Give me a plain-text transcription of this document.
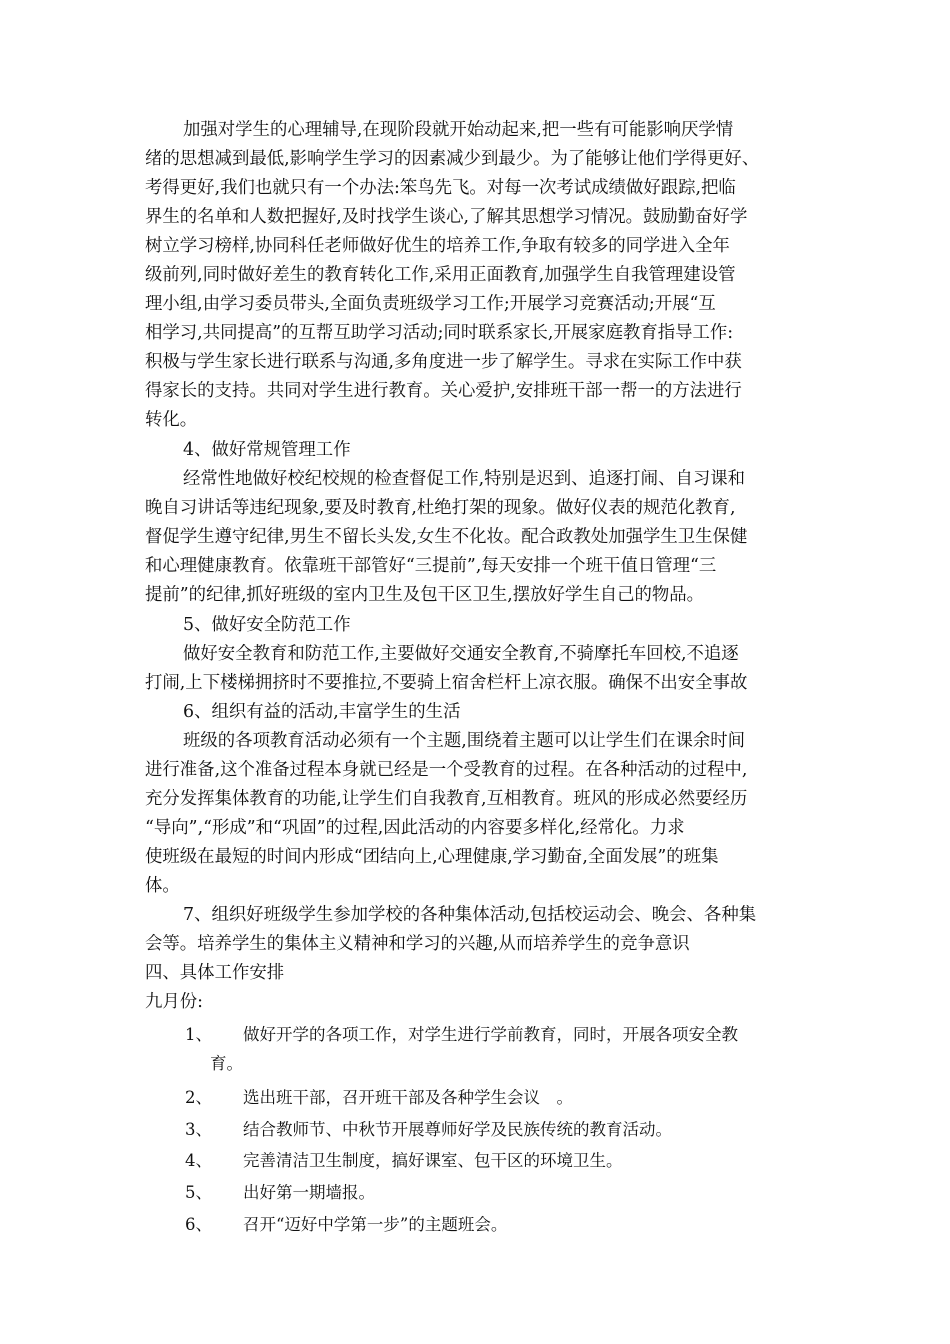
加强对学生的心理辅导,在现阶段就开始动起来,把一些有可能影响厌学情
绪的思想减到最低,影响学生学习的因素减少到最少。为了能够让他们学得更好、
考得更好,我们也就只有一个办法:笨鸟先飞。对每一次考试成绩做好跟踪,把临
界生的名单和人数把握好,及时找学生谈心,了解其思想学习情况。鼓励勤奋好学
树立学习榜样,协同科任老师做好优生的培养工作,争取有较多的同学进入全年
级前列,同时做好差生的教育转化工作,采用正面教育,加强学生自我管理建设管
理小组,由学习委员带头,全面负责班级学习工作;开展学习竞赛活动;开展“互
相学习,共同提高”的互帮互助学习活动;同时联系家长,开展家庭教育指导工作:
积极与学生家长进行联系与沟通,多角度进一步了解学生。寻求在实际工作中获
得家长的支持。共同对学生进行教育。关心爱护,安排班干部一帮一的方法进行
转化。
4、做好常规管理工作
经常性地做好校纪校规的检查督促工作,特别是迟到、追逐打闹、自习课和
晚自习讲话等违纪现象,要及时教育,杜绝打架的现象。做好仪表的规范化教育,
督促学生遵守纪律,男生不留长头发,女生不化妆。配合政教处加强学生卫生保健
和心理健康教育。依靠班干部管好“三提前”,每天安排一个班干值日管理“三
提前”的纪律,抓好班级的室内卫生及包干区卫生,摆放好学生自己的物品。
5、做好安全防范工作
做好安全教育和防范工作,主要做好交通安全教育,不骑摩托车回校,不追逐
打闹,上下楼梯拥挤时不要推拉,不要骑上宿舍栏杆上凉衣服。确保不出安全事故
6、组织有益的活动,丰富学生的生活
班级的各项教育活动必须有一个主题,围绕着主题可以让学生们在课余时间
进行准备,这个准备过程本身就已经是一个受教育的过程。在各种活动的过程中,
充分发挥集体教育的功能,让学生们自我教育,互相教育。班风的形成必然要经历
“导向”,“形成”和“巩固”的过程,因此活动的内容要多样化,经常化。力求
使班级在最短的时间内形成“团结向上,心理健康,学习勤奋,全面发展”的班集
体。
7、组织好班级学生参加学校的各种集体活动,包括校运动会、晚会、各种集
会等。培养学生的集体主义精神和学习的兴趣,从而培养学生的竞争意识
四、具体工作安排
九月份:
1、 做好开学的各项工作，对学生进行学前教育，同时，开展各项安全教
育。
2、 选出班干部，召开班干部及各种学生会议　。
3、 结合教师节、中秋节开展尊师好学及民族传统的教育活动。
4、 完善清洁卫生制度，搞好课室、包干区的环境卫生。
5、 出好第一期墙报。
6、 召开“迈好中学第一步”的主题班会。
